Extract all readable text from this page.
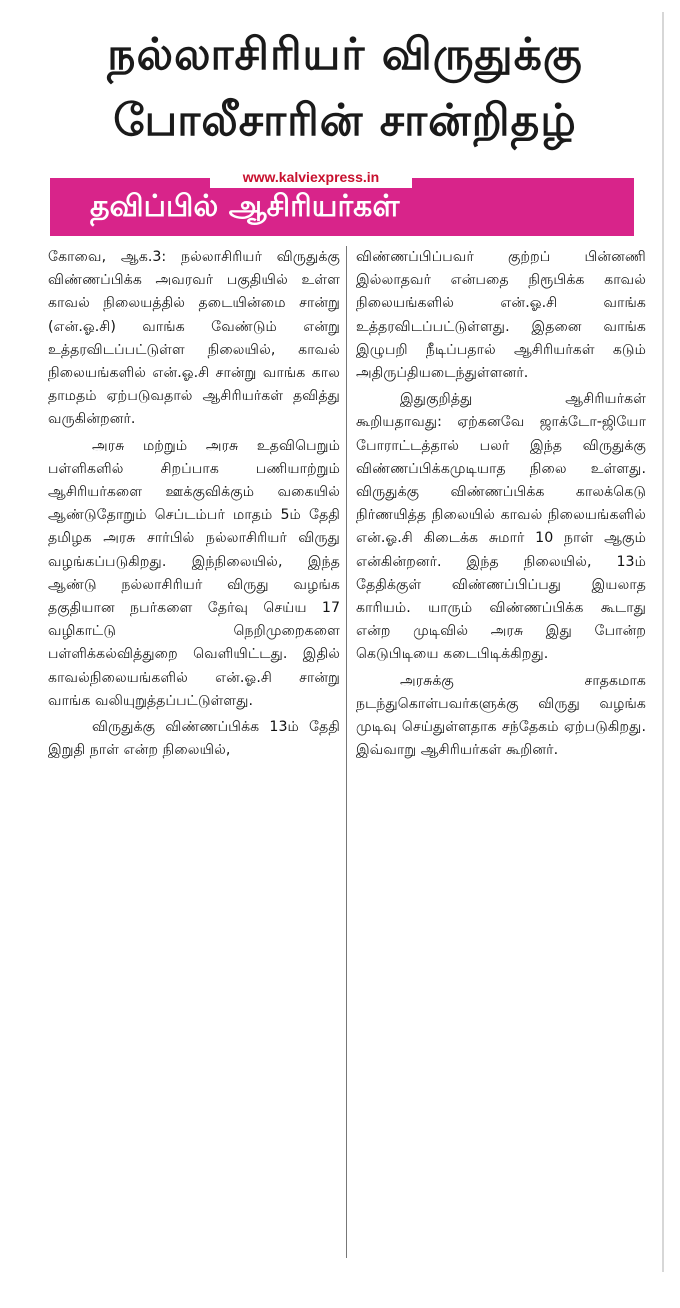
நல்லாசிரியர் விருதுக்கு
போலீசாரின் சான்றிதழ்
தவிப்பில் ஆசிரியர்கள்
www.kalviexpress.in

கோவை, ஆக.3: நல்லாசிரியர் விருதுக்கு விண்ணப்பிக்க அவரவர் பகுதியில் உள்ள காவல் நிலையத்தில் தடையின்மை சான்று (என்.ஓ.சி) வாங்க வேண்டும் என்று உத்தரவிடப்பட்டுள்ள நிலையில், காவல் நிலையங்களில் என்.ஓ.சி சான்று வாங்க கால தாமதம் ஏற்படுவதால் ஆசிரியர்கள் தவித்து வருகின்றனர்.

அரசு மற்றும் அரசு உதவிபெறும் பள்ளிகளில் சிறப்பாக பணியாற்றும் ஆசிரியர்களை ஊக்குவிக்கும் வகையில் ஆண்டுதோறும் செப்டம்பர் மாதம் 5ம் தேதி தமிழக அரசு சார்பில் நல்லாசிரியர் விருது வழங்கப்படுகிறது. இந்நிலையில், இந்த ஆண்டு நல்லாசிரியர் விருது வழங்க தகுதியான நபர்களை தேர்வு செய்ய 17 வழிகாட்டு நெறிமுறைகளை பள்ளிக்கல்வித்துறை வெளியிட்டது. இதில் காவல்நிலையங்களில் என்.ஓ.சி சான்று வாங்க வலியுறுத்தப்பட்டுள்ளது.

விருதுக்கு விண்ணப்பிக்க 13ம் தேதி இறுதி நாள் என்ற நிலையில்,

விண்ணப்பிப்பவர் குற்றப் பின்னணி இல்லாதவர் என்பதை நிரூபிக்க காவல் நிலையங்களில் என்.ஓ.சி வாங்க உத்தரவிடப்பட்டுள்ளது. இதனை வாங்க இழுபறி நீடிப்பதால் ஆசிரியர்கள் கடும் அதிருப்தியடைந்துள்ளனர்.

இதுகுறித்து ஆசிரியர்கள் கூறியதாவது: ஏற்கனவே ஜாக்டோ-ஜியோ போராட்டத்தால் பலர் இந்த விருதுக்கு விண்ணப்பிக்கமுடியாத நிலை உள்ளது. விருதுக்கு விண்ணப்பிக்க காலக்கெடு நிர்ணயித்த நிலையில் காவல் நிலையங்களில் என்.ஓ.சி கிடைக்க சுமார் 10 நாள் ஆகும் என்கின்றனர். இந்த நிலையில், 13ம் தேதிக்குள் விண்ணப்பிப்பது இயலாத காரியம். யாரும் விண்ணப்பிக்க கூடாது என்ற முடிவில் அரசு இது போன்ற கெடுபிடியை கடைபிடிக்கிறது.

அரசுக்கு சாதகமாக நடந்துகொள்பவர்களுக்கு விருது வழங்க முடிவு செய்துள்ளதாக சந்தேகம் ஏற்படுகிறது. இவ்வாறு ஆசிரியர்கள் கூறினர்.
